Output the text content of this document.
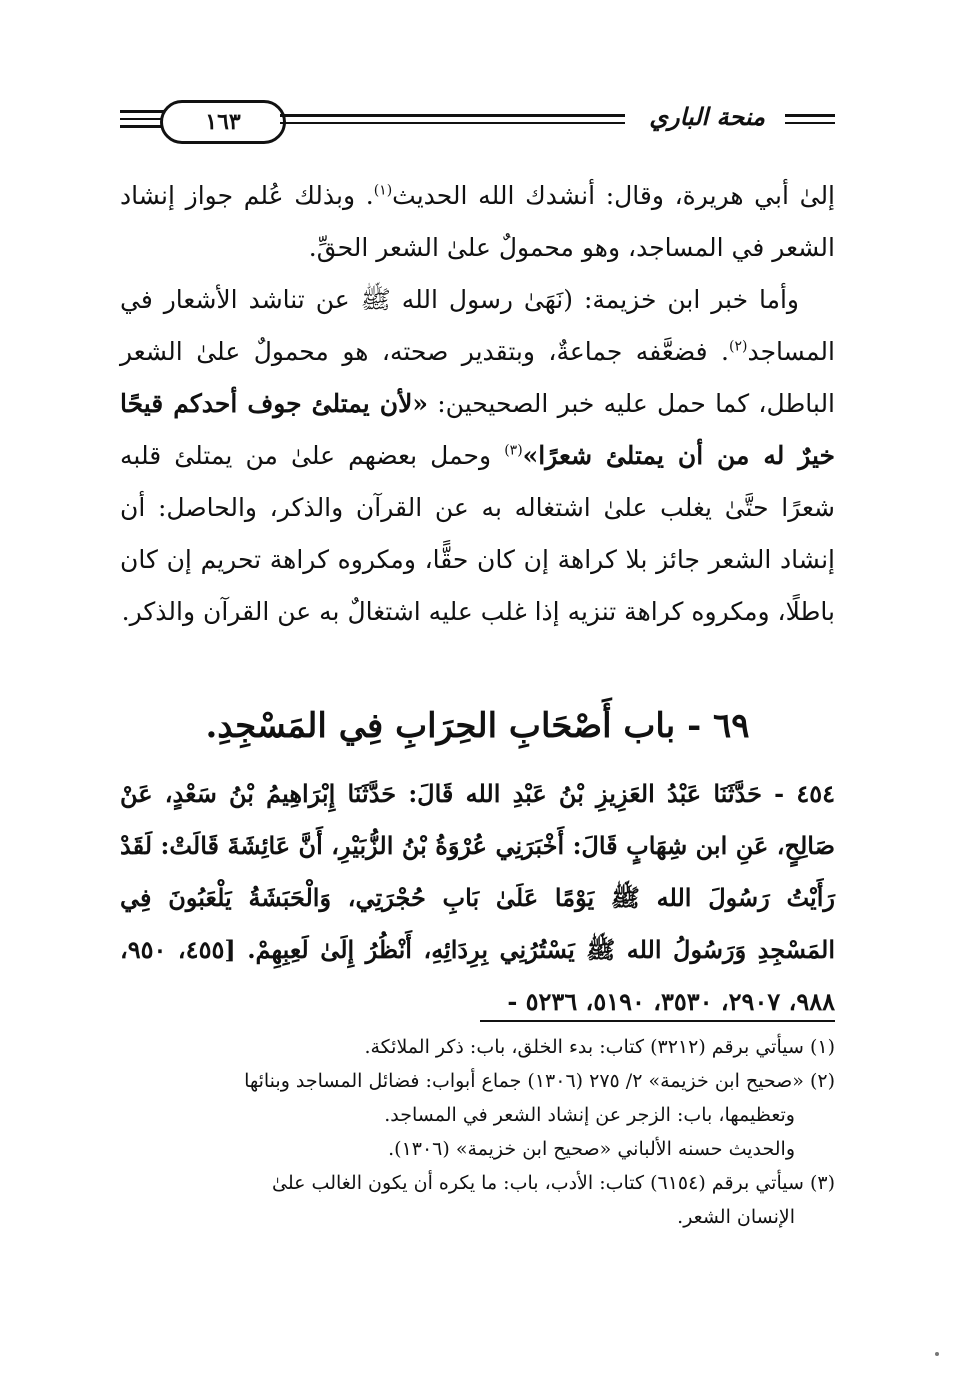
١٦٣	منحة الباري

إلىٰ أبي هريرة، وقال: أنشدك الله الحديث$^{(١)}$. وبذلك عُلم جواز إنشاد الشعر في المساجد، وهو محمولٌ علىٰ الشعر الحقِّ.

وأما خبر ابن خزيمة: (نَهَىٰ رسول الله ﷺ عن تناشد الأشعار في المساجد$^{(٢)}$. فضعَّفه جماعةٌ، وبتقدير صحته، هو محمولٌ علىٰ الشعر الباطل، كما حمل عليه خبر الصحيحين: «لأن يمتلئ جوف أحدكم قيحًا خيرٌ له من أن يمتلئ شعرًا»$^{(٣)}$ وحمل بعضهم علىٰ من يمتلئ قلبه شعرًا حتَّىٰ يغلب علىٰ اشتغاله به عن القرآن والذكر، والحاصل: أن إنشاد الشعر جائز بلا كراهة إن كان حقًّا، ومكروه كراهة تحريم إن كان باطلًا، ومكروه كراهة تنزيه إذا غلب عليه اشتغالٌ به عن القرآن والذكر.

٦٩ - باب أَصْحَابِ الحِرَابِ فِي المَسْجِدِ.
٤٥٤ - حَدَّثَنَا عَبْدُ العَزِيزِ بْنُ عَبْدِ الله قَالَ: حَدَّثَنَا إِبْرَاهِيمُ بْنُ سَعْدٍ، عَنْ صَالِحٍ، عَنِ ابن شِهَابٍ قَالَ: أَخْبَرَنِي عُرْوَةُ بْنُ الزُّبَيْرِ، أَنَّ عَائِشَةَ قَالَتْ: لَقَدْ رَأَيْتُ رَسُولَ الله ﷺ يَوْمًا عَلَىٰ بَابِ حُجْرَتِي، وَالْحَبَشَةُ يَلْعَبُونَ فِي المَسْجِدِ وَرَسُولُ الله ﷺ يَسْتُرُنِي بِرِدَائِهِ، أَنْظُرُ إِلَىٰ لَعِبِهِمْ. [٤٥٥، ٩٥٠، ٩٨٨، ٢٩٠٧، ٣٥٣٠، ٥١٩٠، ٥٢٣٦ -

(١) سيأتي برقم (٣٢١٢) كتاب: بدء الخلق، باب: ذكر الملائكة.

(٢) «صحيح ابن خزيمة» ٢/ ٢٧٥ (١٣٠٦) جماع أبواب: فضائل المساجد وبنائها

وتعظيمها، باب: الزجر عن إنشاد الشعر في المساجد.

والحديث حسنه الألباني «صحيح ابن خزيمة» (١٣٠٦).

(٣) سيأتي برقم (٦١٥٤) كتاب: الأدب، باب: ما يكره أن يكون الغالب علىٰ

الإنسان الشعر.
